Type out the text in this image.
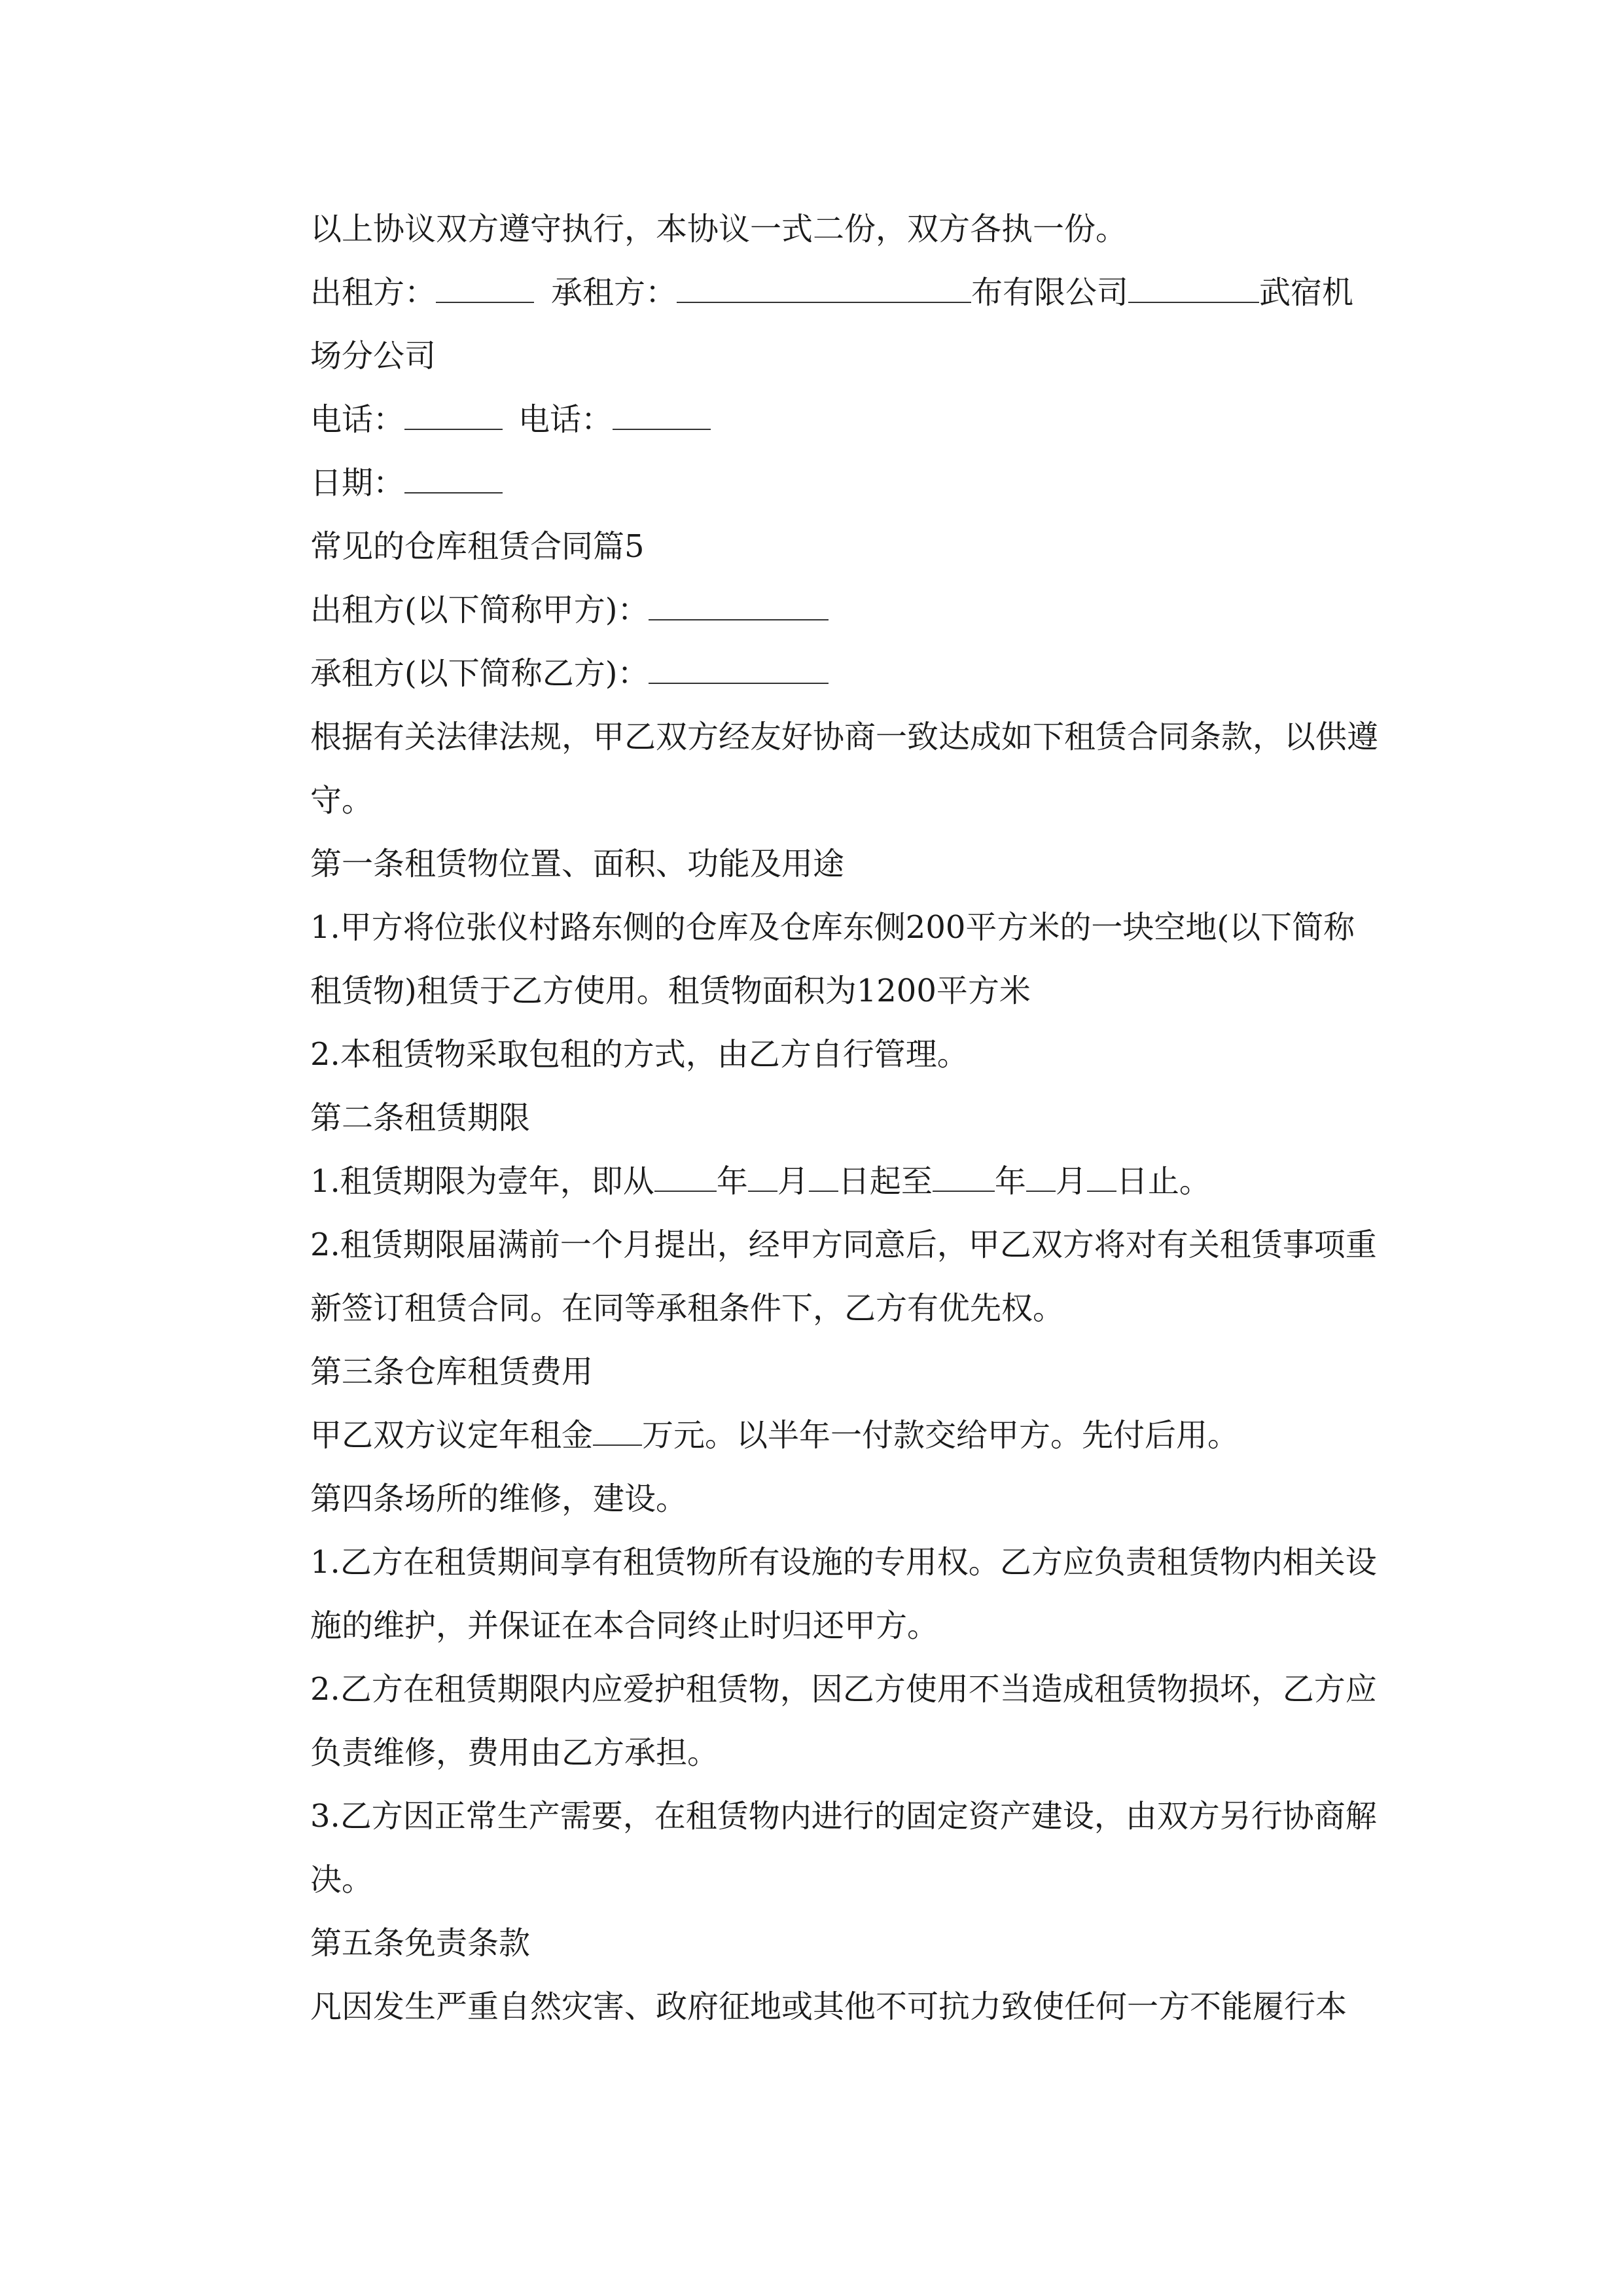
以上协议双方遵守执行，本协议一式二份，双方各执一份。
出租方：	承租方：	布有限公司	武宿机场分公司
电话：	电话：
日期：
常见的仓库租赁合同篇5
出租方(以下简称甲方)：
承租方(以下简称乙方)：
根据有关法律法规，甲乙双方经友好协商一致达成如下租赁合同条款，以供遵守。
第一条租赁物位置、面积、功能及用途
1.甲方将位张仪村路东侧的仓库及仓库东侧200平方米的一块空地(以下简称租赁物)租赁于乙方使用。租赁物面积为1200平方米
2.本租赁物采取包租的方式，由乙方自行管理。
第二条租赁期限
1.租赁期限为壹年，即从 年 月 日起至 年 月 日止。
2.租赁期限届满前一个月提出，经甲方同意后，甲乙双方将对有关租赁事项重新签订租赁合同。在同等承租条件下，乙方有优先权。
第三条仓库租赁费用
甲乙双方议定年租金 万元。以半年一付款交给甲方。先付后用。
第四条场所的维修，建设。
1.乙方在租赁期间享有租赁物所有设施的专用权。乙方应负责租赁物内相关设施的维护，并保证在本合同终止时归还甲方。
2.乙方在租赁期限内应爱护租赁物，因乙方使用不当造成租赁物损坏，乙方应负责维修，费用由乙方承担。
3.乙方因正常生产需要，在租赁物内进行的固定资产建设，由双方另行协商解决。
第五条免责条款
凡因发生严重自然灾害、政府征地或其他不可抗力致使任何一方不能履行本
